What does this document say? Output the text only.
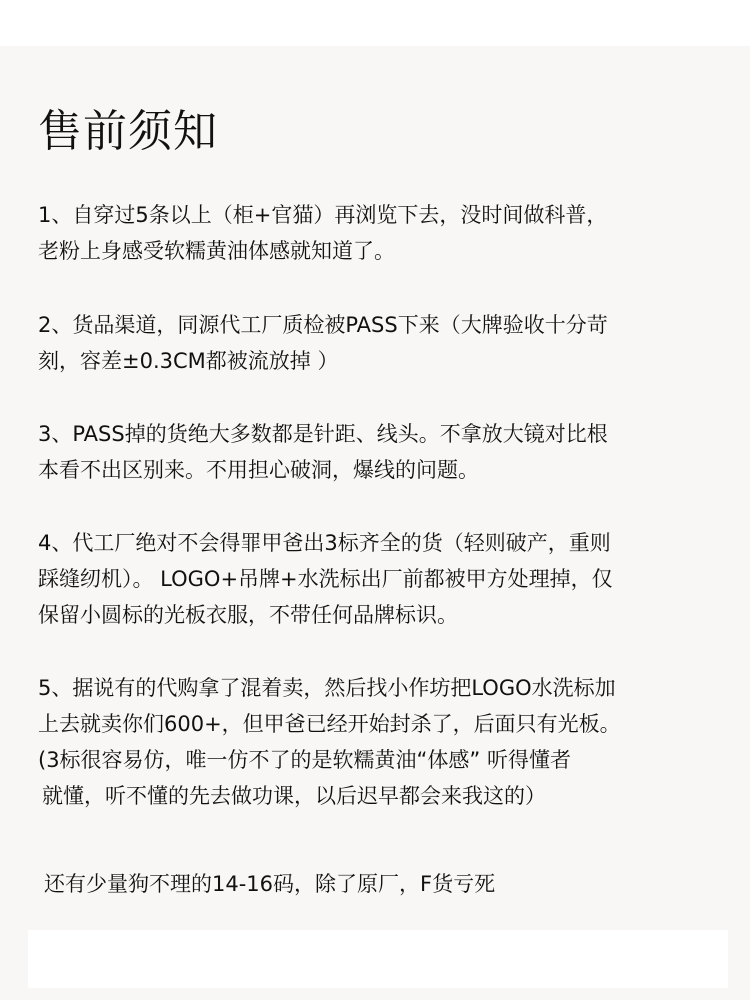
售前须知
1、自穿过5条以上（柜+官猫）再浏览下去，没时间做科普，
老粉上身感受软糯黄油体感就知道了。
2、货品渠道，同源代工厂质检被PASS下来（大牌验收十分苛
刻，容差±0.3CM都被流放掉 ）
3、PASS掉的货绝大多数都是针距、线头。不拿放大镜对比根
本看不出区别来。不用担心破洞，爆线的问题。
4、代工厂绝对不会得罪甲爸出3标齐全的货（轻则破产，重则
踩缝纫机）。 LOGO+吊牌+水洗标出厂前都被甲方处理掉，仅
保留小圆标的光板衣服，不带任何品牌标识。
5、据说有的代购拿了混着卖，然后找小作坊把LOGO水洗标加
上去就卖你们600+，但甲爸已经开始封杀了，后面只有光板。
(3标很容易仿，唯一仿不了的是软糯黄油“体感” 听得懂者
就懂，听不懂的先去做功课，以后迟早都会来我这的）
还有少量狗不理的14-16码，除了原厂，F货亏死
